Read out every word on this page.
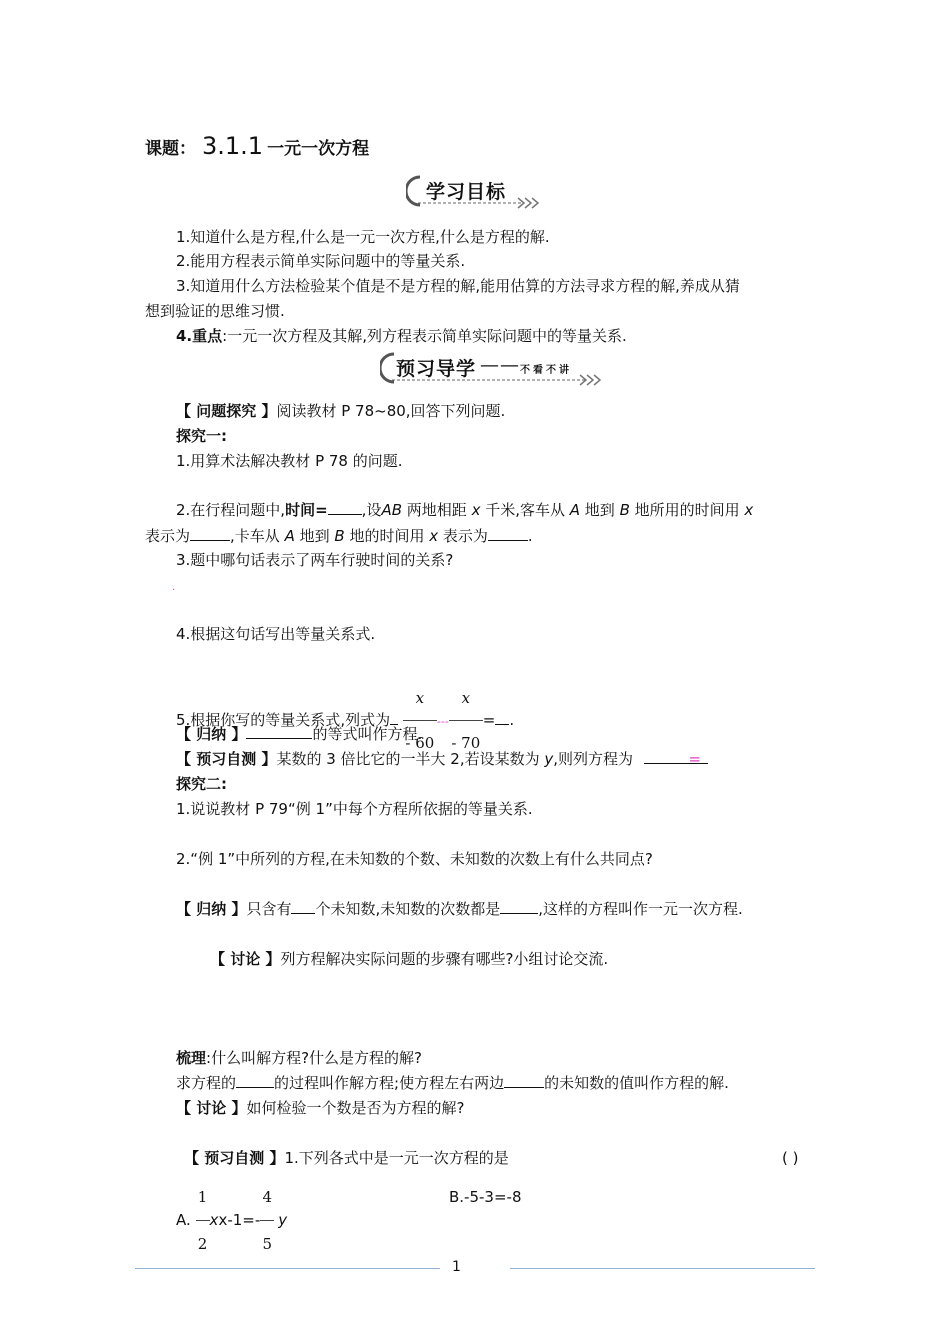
课题： 3.1.1 一元一次方程
学习目标
1.知道什么是方程,什么是一元一次方程,什么是方程的解.
2.能用方程表示简单实际问题中的等量关系.
3.知道用什么方法检验某个值是不是方程的解,能用估算的方法寻求方程的解,养成从猜
想到验证的思维习惯.
4.重点:一元一次方程及其解,列方程表示简单实际问题中的等量关系.
预习导学 —— 不看不讲
【 问题探究 】阅读教材 P 78~80,回答下列问题.
探究一:
1.用算术法解决教材 P 78 的问题.
2.在行程问题中,时间= ,设AB 两地相距 x 千米,客车从 A 地到 B 地所用的时间用 x
表示为	,卡车从 A 地到 B 地的时间用 x 表示为	.
3.题中哪句话表示了两车行驶时间的关系?
.
4.根据这句话写出等量关系式.
5.根据你写的等量关系式,列式为 $\frac{x}{- 60}$ --- $\frac{x}{- 70}$ = .
【 归纳 】	的等式叫作方程.
【 预习自测 】某数的 3 倍比它的一半大 2,若设某数为 y,则列方程为	=
探究二:
1.说说教材 P 79“例 1”中每个方程所依据的等量关系.
2.“例 1”中所列的方程,在未知数的个数、未知数的次数上有什么共同点?
【 归纳 】只含有 个未知数,未知数的次数都是	,这样的方程叫作一元一次方程.
【 讨论 】列方程解决实际问题的步骤有哪些?小组讨论交流.
梳理:什么叫解方程?什么是方程的解?
求方程的	的过程叫作解方程;使方程左右两边	的未知数的值叫作方程的解.
【 讨论 】如何检验一个数是否为方程的解?
【 预习自测 】1.下列各式中是一元一次方程的是	( )
A. $\frac{1}{2} xx-1=- \frac{4}{5}$ y
B.-5-3=-8
1
